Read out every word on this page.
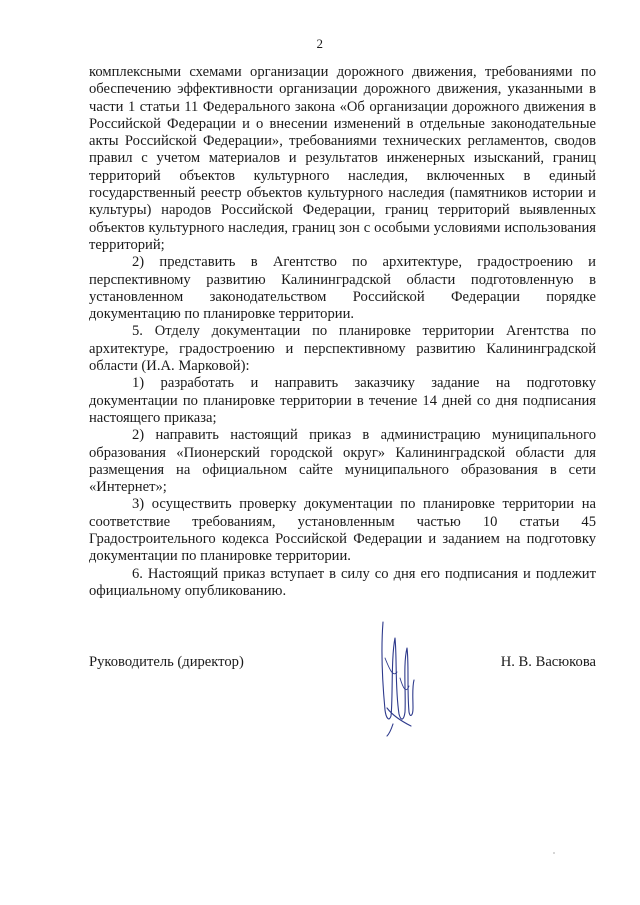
2

комплексными схемами организации дорожного движения, требованиями по обеспечению эффективности организации дорожного движения, указанными в части 1 статьи 11 Федерального закона «Об организации дорожного движения в Российской Федерации и о внесении изменений в отдельные законодательные акты Российской Федерации», требованиями технических регламентов, сводов правил с учетом материалов и результатов инженерных изысканий, границ территорий объектов культурного наследия, включенных в единый государственный реестр объектов культурного наследия (памятников истории и культуры) народов Российской Федерации, границ территорий выявленных объектов культурного наследия, границ зон с особыми условиями использования территорий;

2) представить в Агентство по архитектуре, градостроению и перспективному развитию Калининградской области подготовленную в установленном законодательством Российской Федерации порядке документацию по планировке территории.

5. Отделу документации по планировке территории Агентства по архитектуре, градостроению и перспективному развитию Калининградской области (И.А. Марковой):

1) разработать и направить заказчику задание на подготовку документации по планировке территории в течение 14 дней со дня подписания настоящего приказа;

2) направить настоящий приказ в администрацию муниципального образования «Пионерский городской округ» Калининградской области для размещения на официальном сайте муниципального образования в сети «Интернет»;

3) осуществить проверку документации по планировке территории на соответствие требованиям, установленным частью 10 статьи 45 Градостроительного кодекса Российской Федерации и заданием на подготовку документации по планировке территории.

6. Настоящий приказ вступает в силу со дня его подписания и подлежит официальному опубликованию.

Руководитель (директор)	Н. В. Васюкова
